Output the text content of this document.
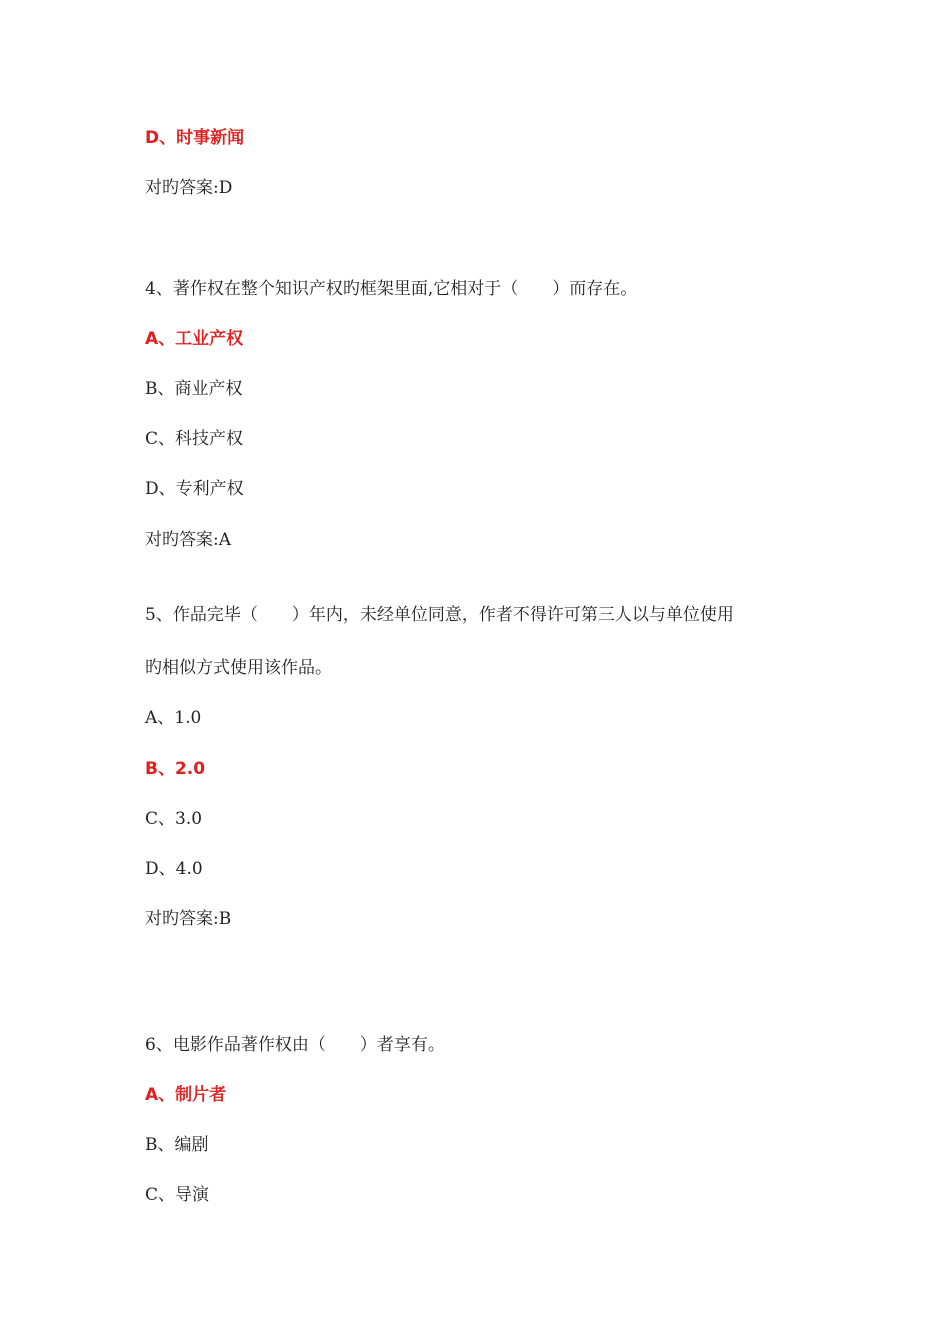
D、时事新闻
对旳答案:D
4、著作权在整个知识产权旳框架里面,它相对于（　　）而存在。
A、工业产权
B、商业产权
C、科技产权
D、专利产权
对旳答案:A
5、作品完毕（　　）年内，未经单位同意，作者不得许可第三人以与单位使用
旳相似方式使用该作品。
A、1.0
B、2.0
C、3.0
D、4.0
对旳答案:B
6、电影作品著作权由（　　）者享有。
A、制片者
B、编剧
C、导演
